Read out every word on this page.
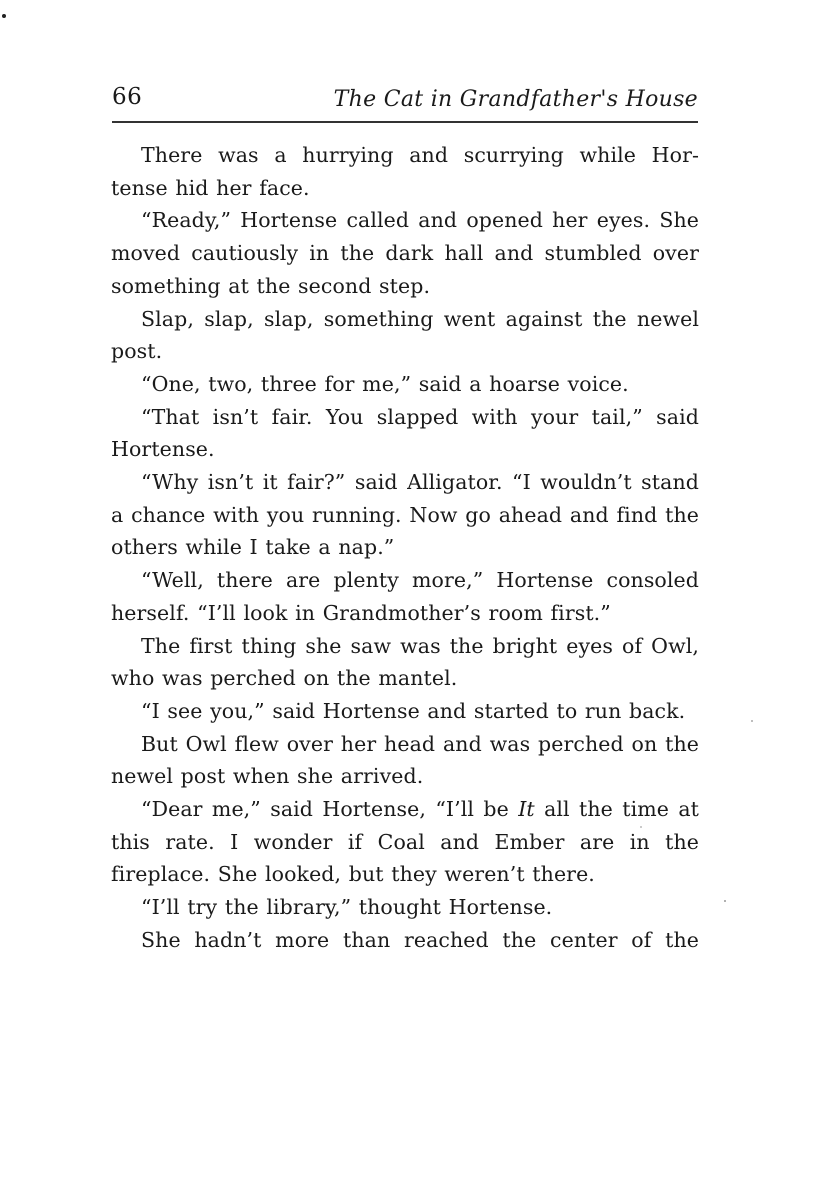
66	The Cat in Grandfather's House

There was a hurrying and scurrying while Hor-tense hid her face.

“Ready,” Hortense called and opened her eyes. She moved cautiously in the dark hall and stumbled over something at the second step.

Slap, slap, slap, something went against the newel post.

“One, two, three for me,” said a hoarse voice.

“That isn’t fair. You slapped with your tail,” said Hortense.

“Why isn’t it fair?” said Alligator. “I wouldn’t stand a chance with you running. Now go ahead and find the others while I take a nap.”

“Well, there are plenty more,” Hortense consoled herself. “I’ll look in Grandmother’s room first.”

The first thing she saw was the bright eyes of Owl, who was perched on the mantel.

“I see you,” said Hortense and started to run back.

But Owl flew over her head and was perched on the newel post when she arrived.

“Dear me,” said Hortense, “I’ll be It all the time at this rate. I wonder if Coal and Ember are in the fireplace. She looked, but they weren’t there.

“I’ll try the library,” thought Hortense.

She hadn’t more than reached the center of the
